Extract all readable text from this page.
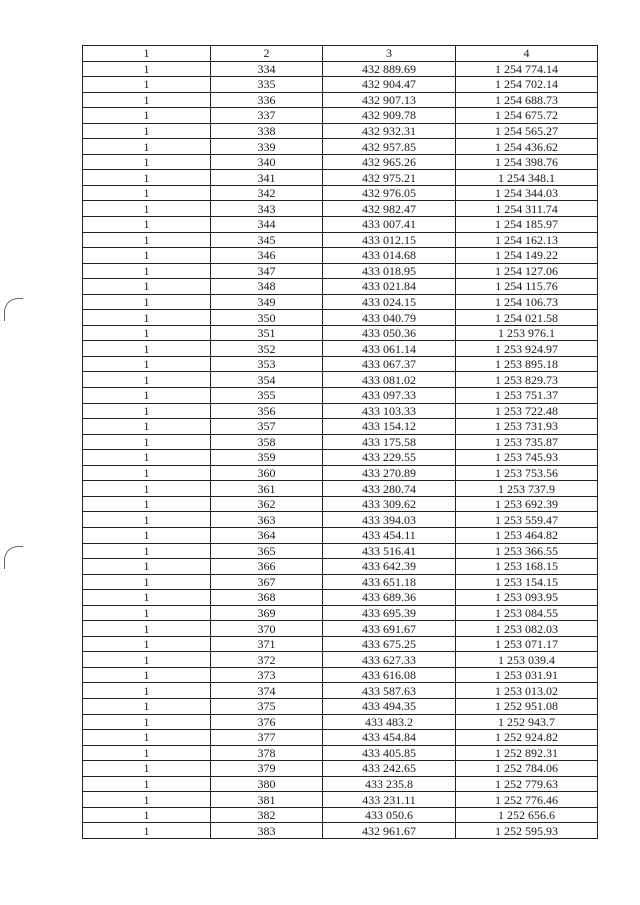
1	2	3	4
1	334	432 889.69	1 254 774.14
1	335	432 904.47	1 254 702.14
1	336	432 907.13	1 254 688.73
1	337	432 909.78	1 254 675.72
1	338	432 932.31	1 254 565.27
1	339	432 957.85	1 254 436.62
1	340	432 965.26	1 254 398.76
1	341	432 975.21	1 254 348.1
1	342	432 976.05	1 254 344.03
1	343	432 982.47	1 254 311.74
1	344	433 007.41	1 254 185.97
1	345	433 012.15	1 254 162.13
1	346	433 014.68	1 254 149.22
1	347	433 018.95	1 254 127.06
1	348	433 021.84	1 254 115.76
1	349	433 024.15	1 254 106.73
1	350	433 040.79	1 254 021.58
1	351	433 050.36	1 253 976.1
1	352	433 061.14	1 253 924.97
1	353	433 067.37	1 253 895.18
1	354	433 081.02	1 253 829.73
1	355	433 097.33	1 253 751.37
1	356	433 103.33	1 253 722.48
1	357	433 154.12	1 253 731.93
1	358	433 175.58	1 253 735.87
1	359	433 229.55	1 253 745.93
1	360	433 270.89	1 253 753.56
1	361	433 280.74	1 253 737.9
1	362	433 309.62	1 253 692.39
1	363	433 394.03	1 253 559.47
1	364	433 454.11	1 253 464.82
1	365	433 516.41	1 253 366.55
1	366	433 642.39	1 253 168.15
1	367	433 651.18	1 253 154.15
1	368	433 689.36	1 253 093.95
1	369	433 695.39	1 253 084.55
1	370	433 691.67	1 253 082.03
1	371	433 675.25	1 253 071.17
1	372	433 627.33	1 253 039.4
1	373	433 616.08	1 253 031.91
1	374	433 587.63	1 253 013.02
1	375	433 494.35	1 252 951.08
1	376	433 483.2	1 252 943.7
1	377	433 454.84	1 252 924.82
1	378	433 405.85	1 252 892.31
1	379	433 242.65	1 252 784.06
1	380	433 235.8	1 252 779.63
1	381	433 231.11	1 252 776.46
1	382	433 050.6	1 252 656.6
1	383	432 961.67	1 252 595.93
